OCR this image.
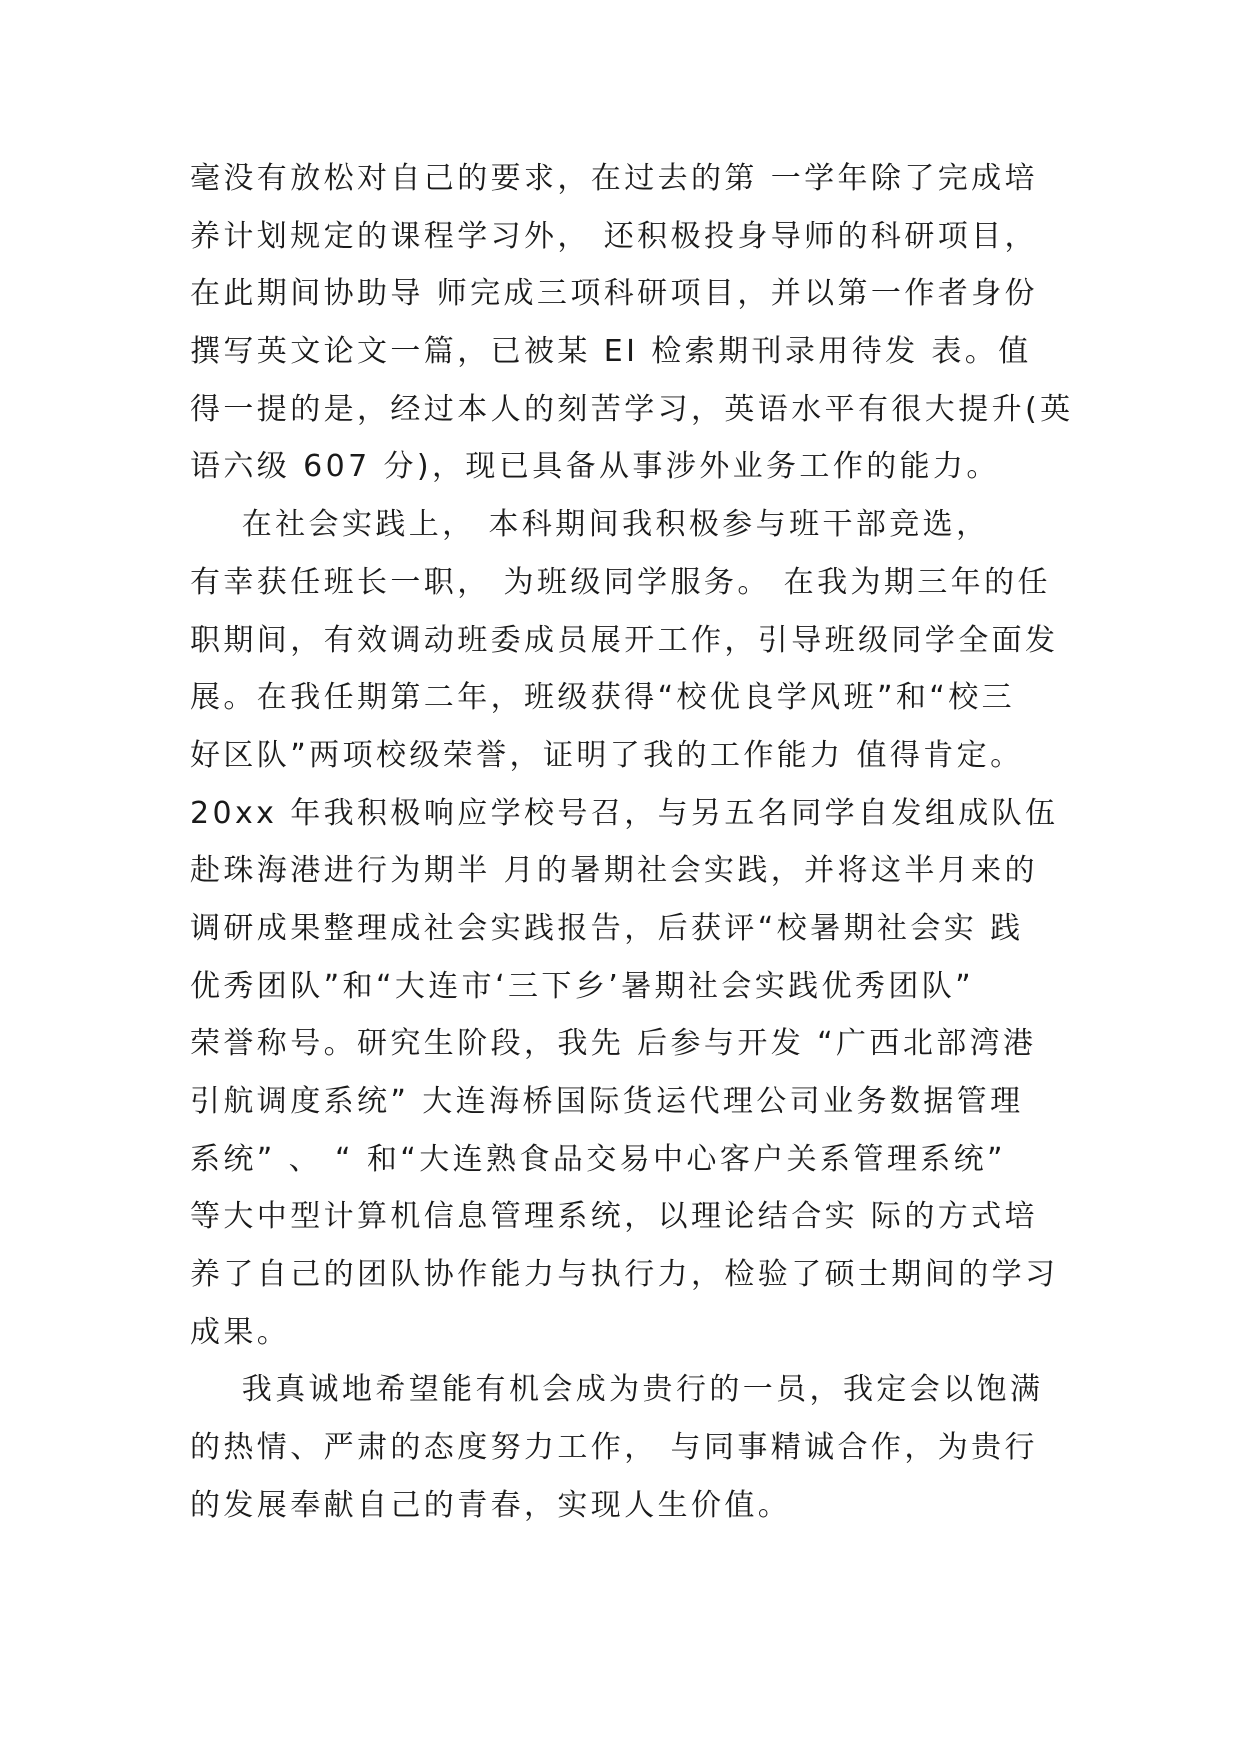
毫没有放松对自己的要求，在过去的第 一学年除了完成培
养计划规定的课程学习外， 还积极投身导师的科研项目，
在此期间协助导 师完成三项科研项目，并以第一作者身份
撰写英文论文一篇，已被某 EI 检索期刊录用待发 表。值
得一提的是，经过本人的刻苦学习，英语水平有很大提升(英
语六级 607 分)，现已具备从事涉外业务工作的能力。
在社会实践上， 本科期间我积极参与班干部竞选，
有幸获任班长一职， 为班级同学服务。 在我为期三年的任
职期间，有效调动班委成员展开工作，引导班级同学全面发
展。在我任期第二年，班级获得“校优良学风班”和“校三
好区队”两项校级荣誉，证明了我的工作能力 值得肯定。
20xx 年我积极响应学校号召，与另五名同学自发组成队伍
赴珠海港进行为期半 月的暑期社会实践，并将这半月来的
调研成果整理成社会实践报告，后获评“校暑期社会实 践
优秀团队”和“大连市‘三下乡’暑期社会实践优秀团队”
荣誉称号。研究生阶段，我先 后参与开发 “广西北部湾港
引航调度系统” 大连海桥国际货运代理公司业务数据管理
系统” 、 “ 和“大连熟食品交易中心客户关系管理系统”
等大中型计算机信息管理系统，以理论结合实 际的方式培
养了自己的团队协作能力与执行力，检验了硕士期间的学习
成果。
我真诚地希望能有机会成为贵行的一员，我定会以饱满
的热情、严肃的态度努力工作， 与同事精诚合作，为贵行
的发展奉献自己的青春，实现人生价值。
